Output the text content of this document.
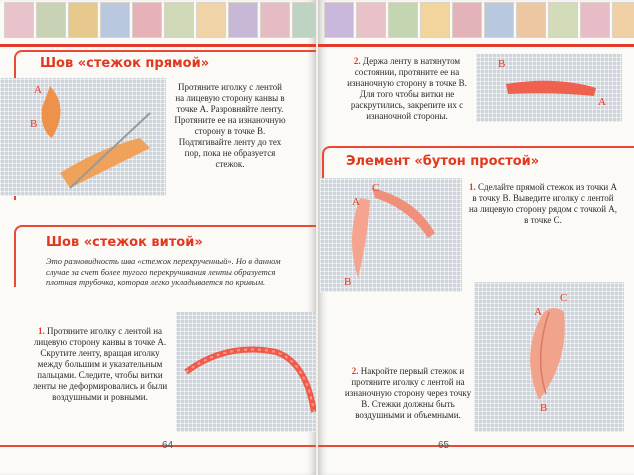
Шов «стежок прямой»
A
B

Протяните иголку с лентой на лицевую сторону канвы в точке А. Разровняйте ленту. Протяните ее на изнаночную сторону в точке В. Подтягивайте ленту до тех пор, пока не образуется стежок.

Шов «стежок витой»

Это разновидность шва «стежок перекрученный». Но в данном случае за счет более тугого перекручивания ленты образуется плотная трубочка, которая легко укладывается по кривым.

1. Протяните иголку с лентой на лицевую сторону канвы в точке А. Скрутите ленту, вращая иголку между большим и указательным пальцами. Следите, чтобы витки ленты не деформировались и были воздушными и ровными.

64

2. Держа ленту в натянутом состоянии, протяните ее на изнаночную сторону в точке В. Для того чтобы витки не раскрутились, закрепите их с изнаночной стороны.

B
A
Элемент «бутон простой»
A
C
B

1. Сделайте прямой стежок из точки А в точку В. Выведите иголку с лентой на лицевую сторону рядом с точкой А, в точке С.

A
C
B

2. Накройте первый стежок и протяните иголку с лентой на изнаночную сторону через точку В. Стежки должны быть воздушными и объемными.

65
